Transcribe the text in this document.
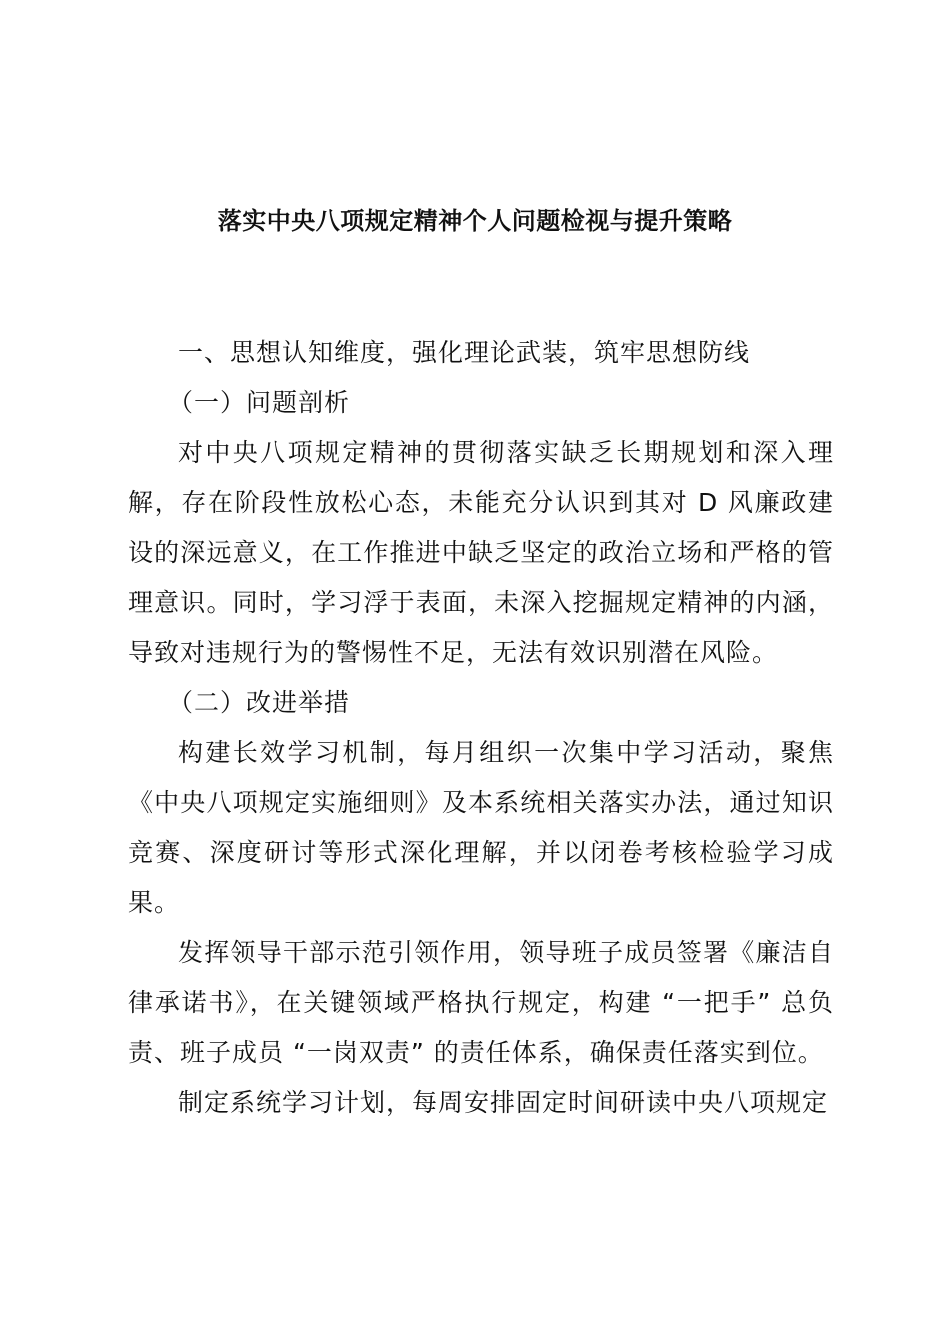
落实中央八项规定精神个人问题检视与提升策略

一、思想认知维度，强化理论武装，筑牢思想防线

（一）问题剖析

对中央八项规定精神的贯彻落实缺乏长期规划和深入理解，存在阶段性放松心态，未能充分认识到其对 D 风廉政建设的深远意义，在工作推进中缺乏坚定的政治立场和严格的管理意识。同时，学习浮于表面，未深入挖掘规定精神的内涵，导致对违规行为的警惕性不足，无法有效识别潜在风险。

（二）改进举措

构建长效学习机制，每月组织一次集中学习活动，聚焦《中央八项规定实施细则》及本系统相关落实办法，通过知识竞赛、深度研讨等形式深化理解，并以闭卷考核检验学习成果。

发挥领导干部示范引领作用，领导班子成员签署《廉洁自律承诺书》，在关键领域严格执行规定，构建 “一把手” 总负责、班子成员 “一岗双责” 的责任体系，确保责任落实到位。

制定系统学习计划，每周安排固定时间研读中央八项规定
